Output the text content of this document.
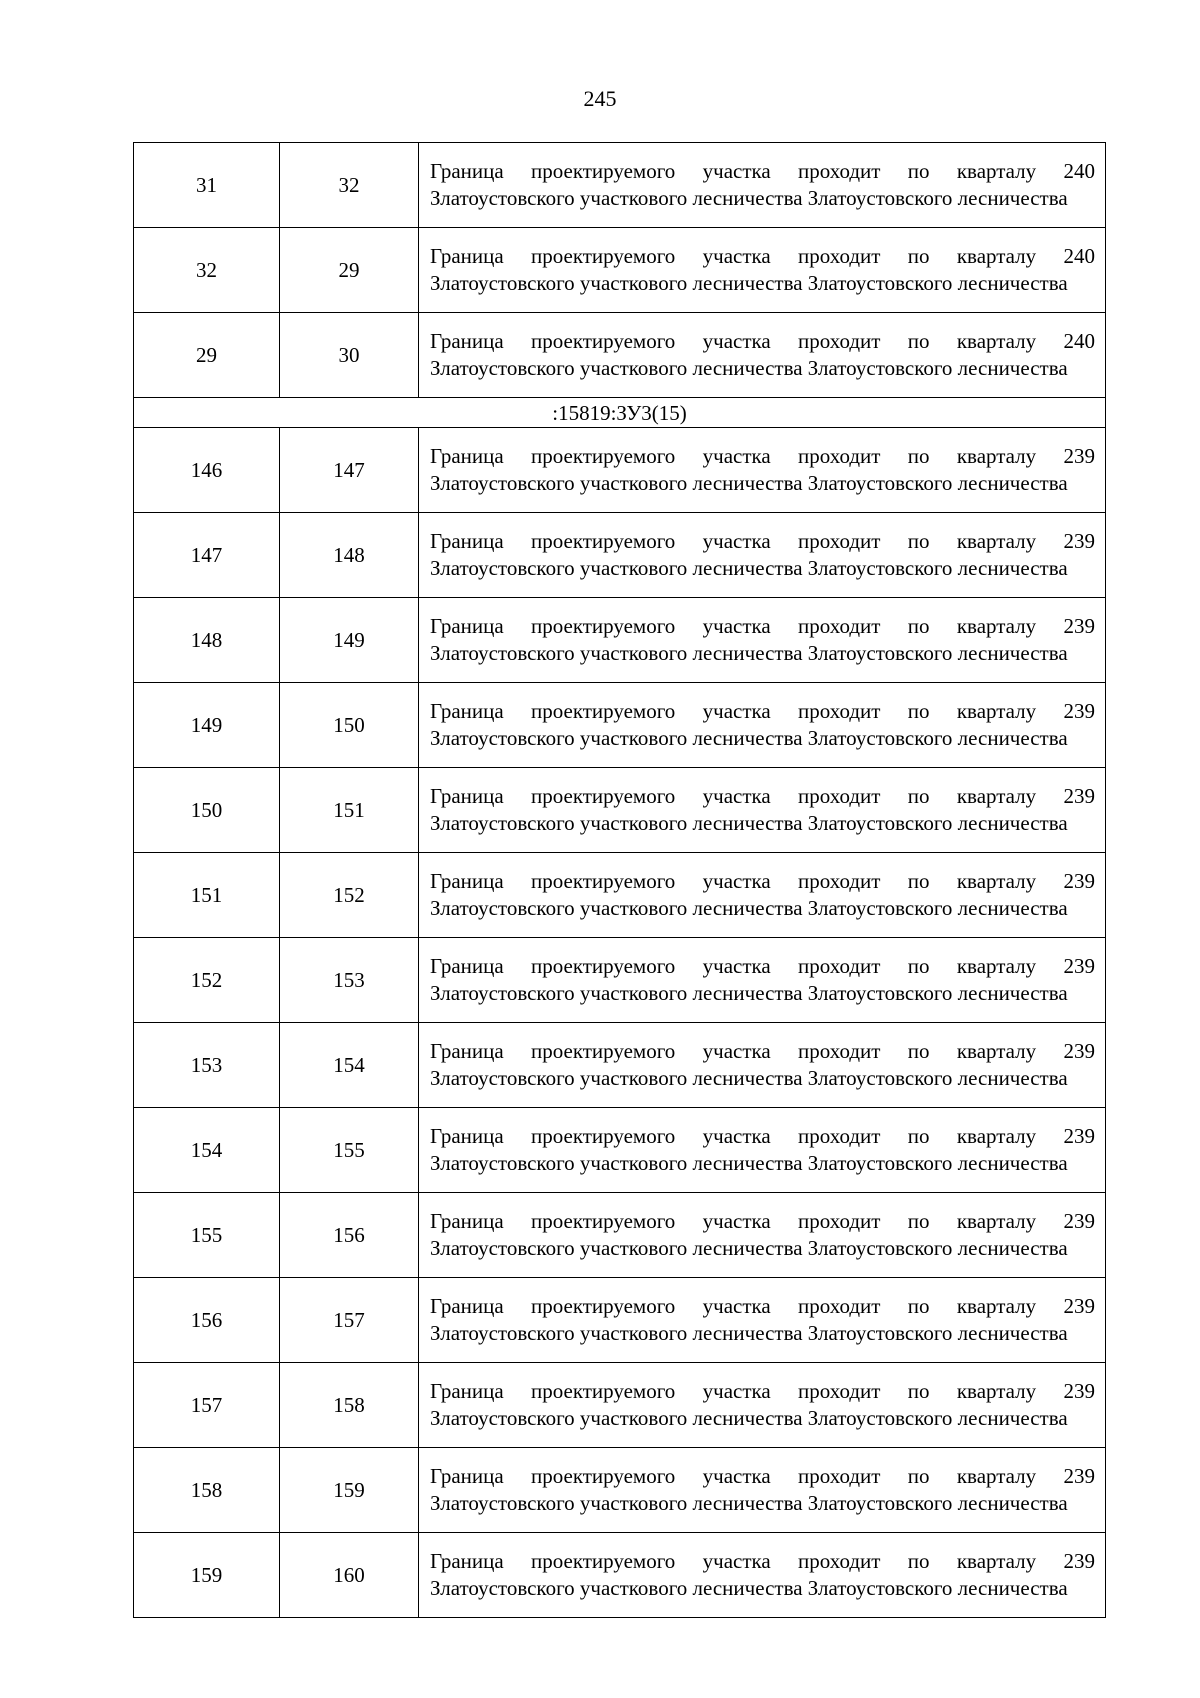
245
31	32	Граница проектируемого участка проходит по кварталу 240 Златоустовского участкового лесничества Златоустовского лесничества
32	29	Граница проектируемого участка проходит по кварталу 240 Златоустовского участкового лесничества Златоустовского лесничества
29	30	Граница проектируемого участка проходит по кварталу 240 Златоустовского участкового лесничества Златоустовского лесничества
:15819:ЗУ3(15)		
146	147	Граница проектируемого участка проходит по кварталу 239 Златоустовского участкового лесничества Златоустовского лесничества
147	148	Граница проектируемого участка проходит по кварталу 239 Златоустовского участкового лесничества Златоустовского лесничества
148	149	Граница проектируемого участка проходит по кварталу 239 Златоустовского участкового лесничества Златоустовского лесничества
149	150	Граница проектируемого участка проходит по кварталу 239 Златоустовского участкового лесничества Златоустовского лесничества
150	151	Граница проектируемого участка проходит по кварталу 239 Златоустовского участкового лесничества Златоустовского лесничества
151	152	Граница проектируемого участка проходит по кварталу 239 Златоустовского участкового лесничества Златоустовского лесничества
152	153	Граница проектируемого участка проходит по кварталу 239 Златоустовского участкового лесничества Златоустовского лесничества
153	154	Граница проектируемого участка проходит по кварталу 239 Златоустовского участкового лесничества Златоустовского лесничества
154	155	Граница проектируемого участка проходит по кварталу 239 Златоустовского участкового лесничества Златоустовского лесничества
155	156	Граница проектируемого участка проходит по кварталу 239 Златоустовского участкового лесничества Златоустовского лесничества
156	157	Граница проектируемого участка проходит по кварталу 239 Златоустовского участкового лесничества Златоустовского лесничества
157	158	Граница проектируемого участка проходит по кварталу 239 Златоустовского участкового лесничества Златоустовского лесничества
158	159	Граница проектируемого участка проходит по кварталу 239 Златоустовского участкового лесничества Златоустовского лесничества
159	160	Граница проектируемого участка проходит по кварталу 239 Златоустовского участкового лесничества Златоустовского лесничества
